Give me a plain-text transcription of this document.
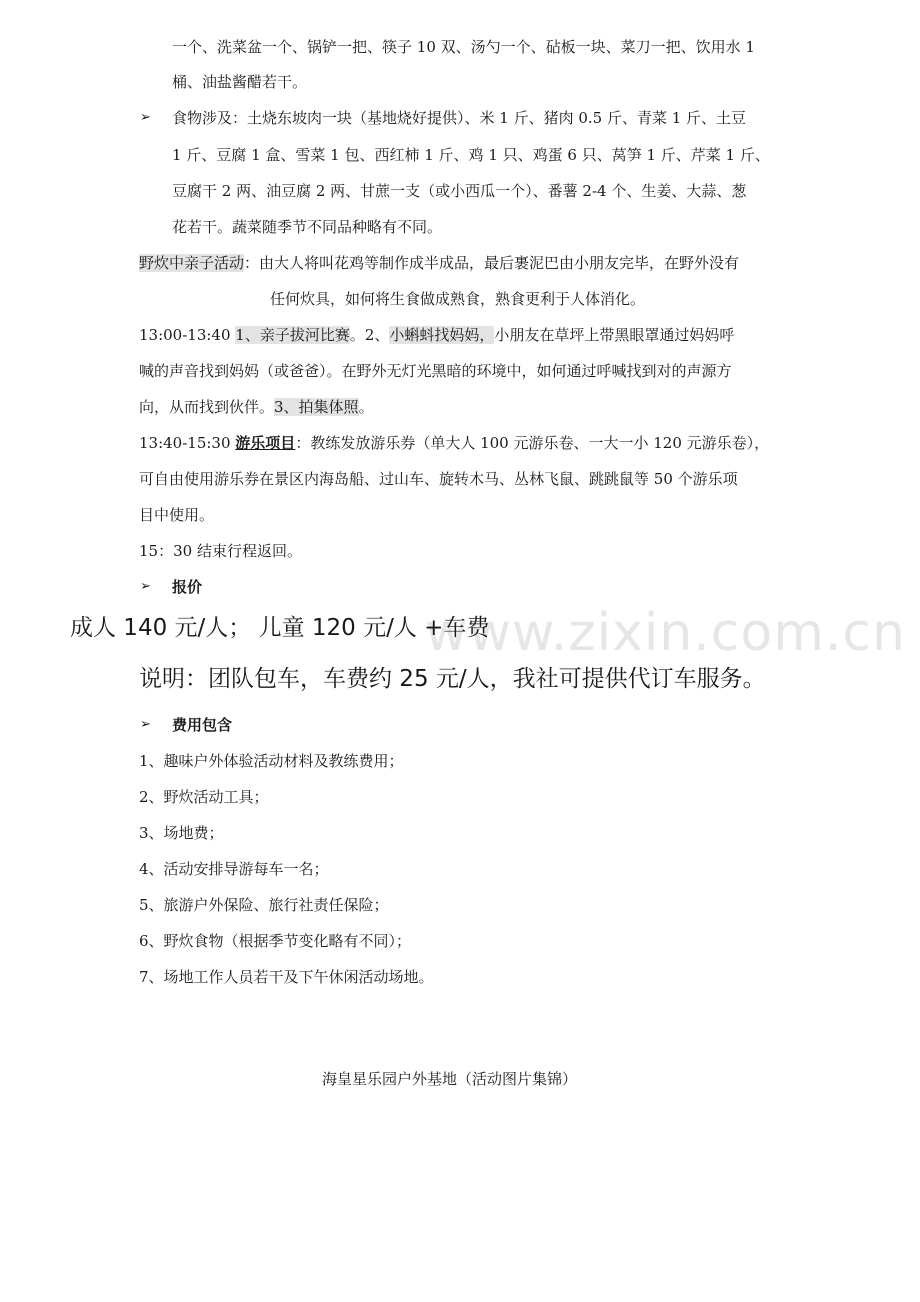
www.zixin.com.cn
一个、洗菜盆一个、锅铲一把、筷子 10 双、汤勺一个、砧板一块、菜刀一把、饮用水 1
桶、油盐酱醋若干。
➢ 食物涉及：土烧东坡肉一块（基地烧好提供）、米 1 斤、猪肉 0.5 斤、青菜 1 斤、土豆
1 斤、豆腐 1 盒、雪菜 1 包、西红柿 1 斤、鸡 1 只、鸡蛋 6 只、莴笋 1 斤、芹菜 1 斤、
豆腐干 2 两、油豆腐 2 两、甘蔗一支（或小西瓜一个）、番薯 2-4 个、生姜、大蒜、葱
花若干。蔬菜随季节不同品种略有不同。
野炊中亲子活动：由大人将叫花鸡等制作成半成品，最后裹泥巴由小朋友完毕，在野外没有
任何炊具，如何将生食做成熟食，熟食更利于人体消化。
13:00-13:40 1、亲子拔河比赛。2、小蝌蚪找妈妈，小朋友在草坪上带黑眼罩通过妈妈呼
喊的声音找到妈妈（或爸爸）。在野外无灯光黑暗的环境中，如何通过呼喊找到对的声源方
向，从而找到伙伴。3、拍集体照。
13:40-15:30 游乐项目：教练发放游乐券（单大人 100 元游乐卷、一大一小 120 元游乐卷），
可自由使用游乐券在景区内海岛船、过山车、旋转木马、丛林飞鼠、跳跳鼠等 50 个游乐项
目中使用。
15：30 结束行程返回。
➢ 报价
成人 140 元/人； 儿童 120 元/人 +车费
说明：团队包车，车费约 25 元/人，我社可提供代订车服务。
➢ 费用包含
1、趣味户外体验活动材料及教练费用；
2、野炊活动工具；
3、场地费；
4、活动安排导游每车一名；
5、旅游户外保险、旅行社责任保险；
6、野炊食物（根据季节变化略有不同）；
7、场地工作人员若干及下午休闲活动场地。
海皇星乐园户外基地（活动图片集锦）
